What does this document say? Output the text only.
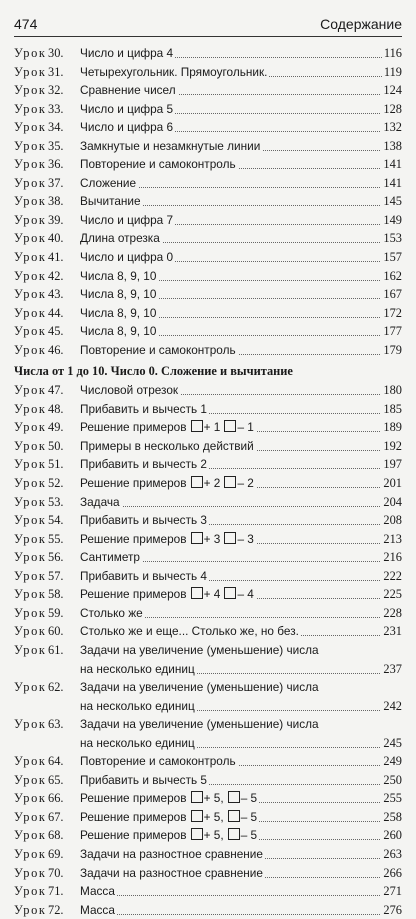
474	Содержание
Урок 30. Число и цифра 4	116
Урок 31. Четырехугольник. Прямоугольник.	119
Урок 32. Сравнение чисел	124
Урок 33. Число и цифра 5	128
Урок 34. Число и цифра 6	132
Урок 35. Замкнутые и незамкнутые линии	138
Урок 36. Повторение и самоконтроль	141
Урок 37. Сложение	141
Урок 38. Вычитание	145
Урок 39. Число и цифра 7	149
Урок 40. Длина отрезка	153
Урок 41. Число и цифра 0	157
Урок 42. Числа 8, 9, 10	162
Урок 43. Числа 8, 9, 10	167
Урок 44. Числа 8, 9, 10	172
Урок 45. Числа 8, 9, 10	177
Урок 46. Повторение и самоконтроль	179
Числа от 1 до 10. Число 0. Сложение и вычитание
Урок 47. Числовой отрезок	180
Урок 48. Прибавить и вычесть 1	185
Урок 49. Решение примеров + 1 – 1	189
Урок 50. Примеры в несколько действий	192
Урок 51. Прибавить и вычесть 2	197
Урок 52. Решение примеров + 2 – 2	201
Урок 53. Задача	204
Урок 54. Прибавить и вычесть 3	208
Урок 55. Решение примеров + 3 – 3	213
Урок 56. Сантиметр	216
Урок 57. Прибавить и вычесть 4	222
Урок 58. Решение примеров + 4 – 4	225
Урок 59. Столько же	228
Урок 60. Столько же и еще... Столько же, но без.	231
Урок 61. Задачи на увеличение (уменьшение) числа
на несколько единиц	237
Урок 62. Задачи на увеличение (уменьшение) числа
на несколько единиц	242
Урок 63. Задачи на увеличение (уменьшение) числа
на несколько единиц	245
Урок 64. Повторение и самоконтроль	249
Урок 65. Прибавить и вычесть 5	250
Урок 66. Решение примеров + 5, – 5	255
Урок 67. Решение примеров + 5, – 5	258
Урок 68. Решение примеров + 5, – 5	260
Урок 69. Задачи на разностное сравнение	263
Урок 70. Задачи на разностное сравнение	266
Урок 71. Масса	271
Урок 72. Масса	276
